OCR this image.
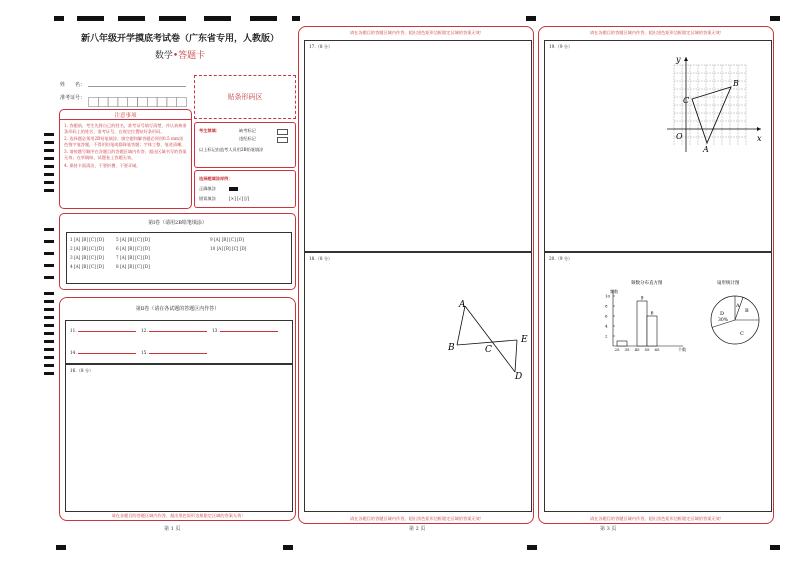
新八年级开学摸底考试卷（广东省专用，人教版）
数学•答题卡
姓　　名：
准考证号：	贴条形码区
注意事项
1. 答题前，考生先将自己的姓名，准考证号填写清楚，并认真核准条形码上的姓名、准考证号，在规定位置贴好条形码。
2. 选择题必须用2B铅笔填涂；填空题和解答题必须用0.5 mm黑色签字笔答题，不得用铅笔或圆珠笔答题；字体工整、笔迹清晰。
3. 请按题号顺序在各题目的答题区域内作答，超出区域书写的答案无效；在草稿纸、试题卷上答题无效。
4. 保持卡面清洁，不要折叠、不要弄破。
考生禁填：	缺考标记
违纪标记
以上标记由监考人员用2B铅笔填涂
选择题填涂样例：
正确填涂
错误填涂	[×] [√] [/]
第Ⅰ卷（请用2B铅笔填涂）
1 [A] [B] [C] [D]	5 [A] [B] [C] [D]	9 [A] [B] [C] [D]
2 [A] [B] [C] [D]	6 [A] [B] [C] [D]	10 [A] [B] [C] [D]
3 [A] [B] [C] [D]	7 [A] [B] [C] [D]
4 [A] [B] [C] [D]	8 [A] [B] [C] [D]
第Ⅱ卷（请在各试题的答题区内作答）
11.	12.	13.
14.	15.
16.（8 分）
请在各题目的答题区域内作答，超出黑色矩形边框限定区域的答案无效！
第 1 页
请在各题目的答题区域内作答，超出黑色矩形边框限定区域的答案无效！
17.（8 分）
18.（8 分）
A
B	C
D
E
请在各题目的答题区域内作答，超出黑色矩形边框限定区域的答案无效！
第 2 页
请在各题目的答题区域内作答，超出黑色矩形边框限定区域的答案无效！
19.（9 分）
y
x
O
A
B
C
20.（9 分）
频数分布直方图
频数
个数
10
8
6
4
2
25 35 45 55 65
9
6
扇形统计图
A
B
C
D
30%
请在各题目的答题区域内作答，超出黑色矩形边框限定区域的答案无效！
第 3 页
